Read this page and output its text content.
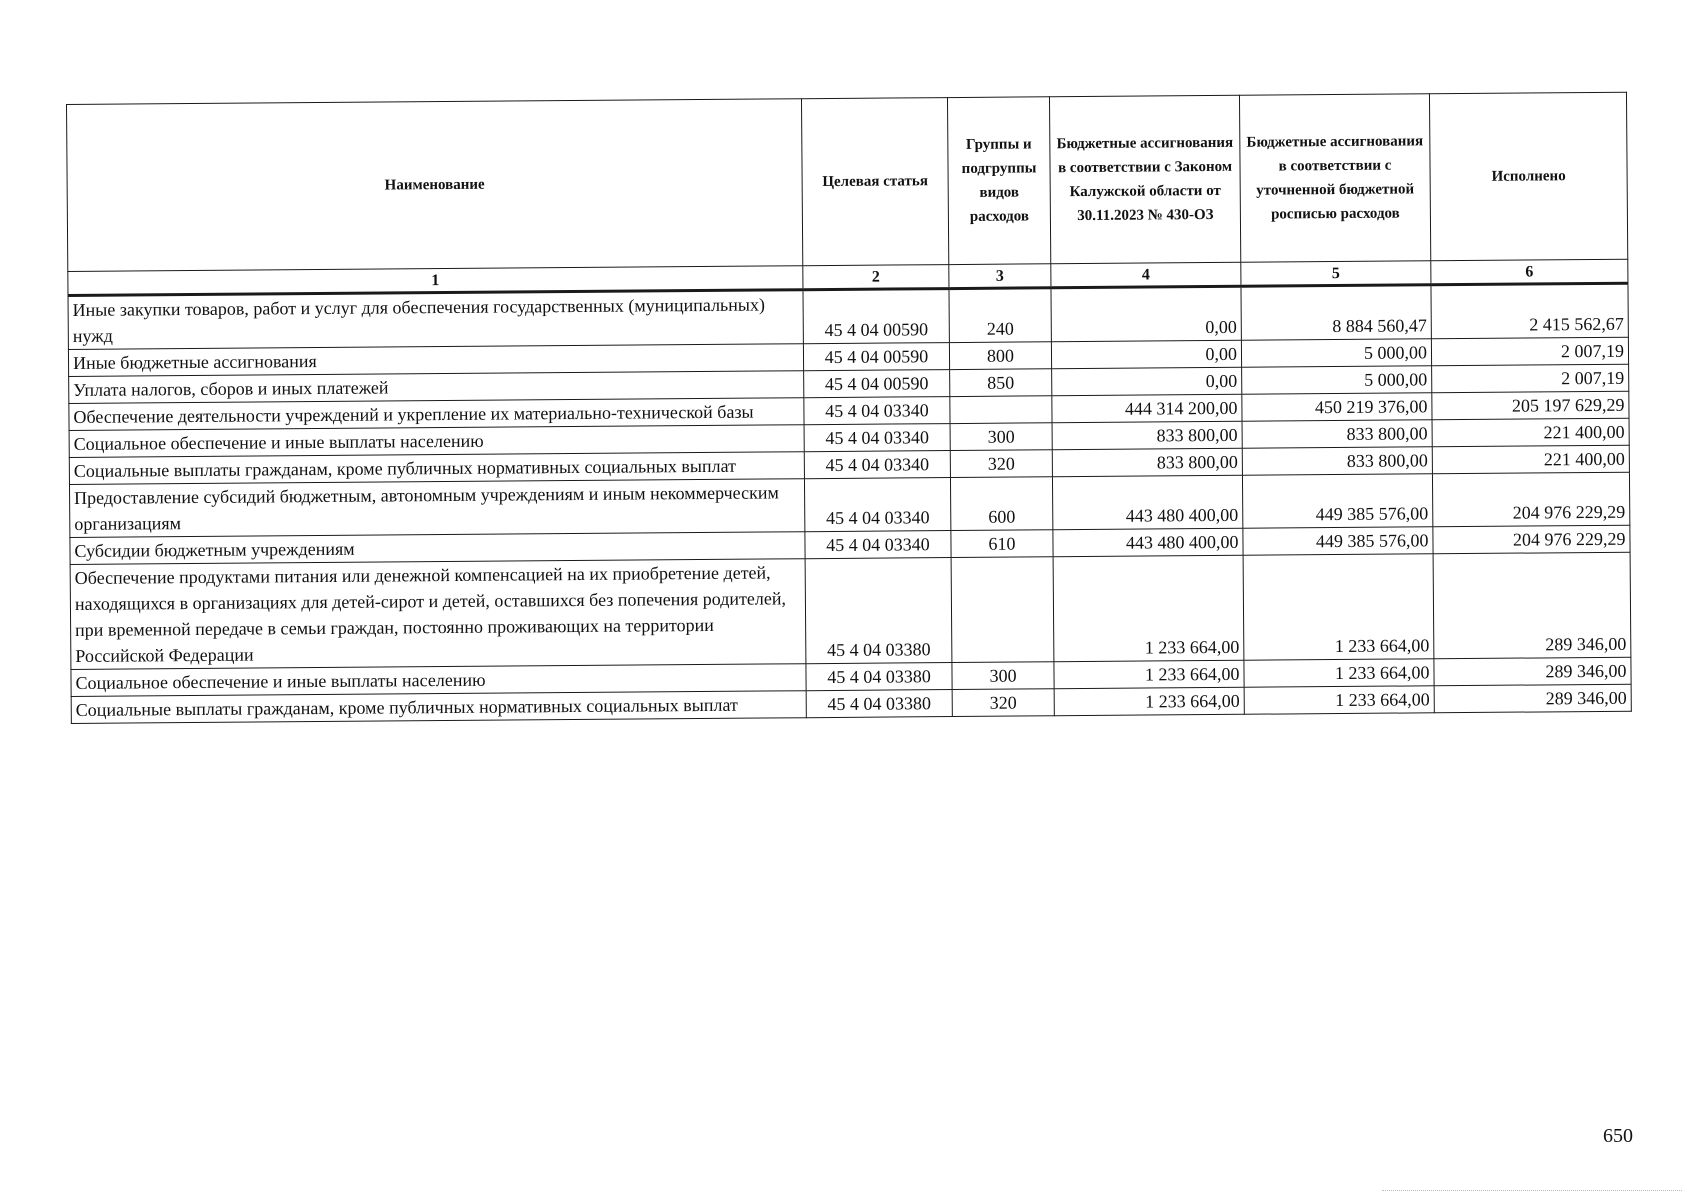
Наименование	Целевая статья	Группы и подгруппы видов расходов	Бюджетные ассигнования в соответствии с Законом Калужской области от 30.11.2023 № 430-ОЗ	Бюджетные ассигнования в соответствии с уточненной бюджетной росписью расходов	Исполнено
1	2	3	4	5	6
Иные закупки товаров, работ и услуг для обеспечения государственных (муниципальных) нужд	45 4 04 00590	240	0,00	8 884 560,47	2 415 562,67
Иные бюджетные ассигнования	45 4 04 00590	800	0,00	5 000,00	2 007,19
Уплата налогов, сборов и иных платежей	45 4 04 00590	850	0,00	5 000,00	2 007,19
Обеспечение деятельности учреждений и укрепление их материально-технической базы	45 4 04 03340		444 314 200,00	450 219 376,00	205 197 629,29
Социальное обеспечение и иные выплаты населению	45 4 04 03340	300	833 800,00	833 800,00	221 400,00
Социальные выплаты гражданам, кроме публичных нормативных социальных выплат	45 4 04 03340	320	833 800,00	833 800,00	221 400,00
Предоставление субсидий бюджетным, автономным учреждениям и иным некоммерческим организациям	45 4 04 03340	600	443 480 400,00	449 385 576,00	204 976 229,29
Субсидии бюджетным учреждениям	45 4 04 03340	610	443 480 400,00	449 385 576,00	204 976 229,29
Обеспечение продуктами питания или денежной компенсацией на их приобретение детей, находящихся в организациях для детей-сирот и детей, оставшихся без попечения родителей, при временной передаче в семьи граждан, постоянно проживающих на территории Российской Федерации	45 4 04 03380		1 233 664,00	1 233 664,00	289 346,00
Социальное обеспечение и иные выплаты населению	45 4 04 03380	300	1 233 664,00	1 233 664,00	289 346,00
Социальные выплаты гражданам, кроме публичных нормативных социальных выплат	45 4 04 03380	320	1 233 664,00	1 233 664,00	289 346,00
650
